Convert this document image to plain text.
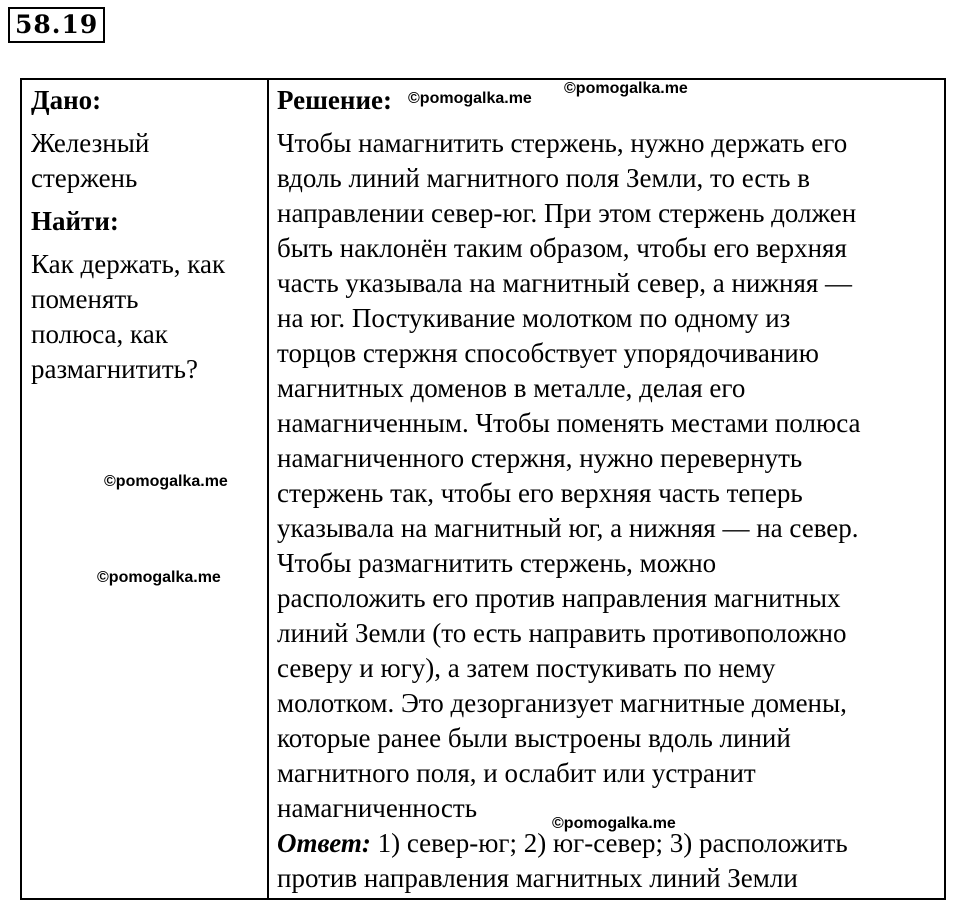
58.19
Дано:
Железный
стержень
Найти:
Как держать, как
поменять
полюса, как
размагнитить?
Решение:
Чтобы намагнитить стержень, нужно держать его
вдоль линий магнитного поля Земли, то есть в
направлении север-юг. При этом стержень должен
быть наклонён таким образом, чтобы его верхняя
часть указывала на магнитный север, а нижняя —
на юг. Постукивание молотком по одному из
торцов стержня способствует упорядочиванию
магнитных доменов в металле, делая его
намагниченным. Чтобы поменять местами полюса
намагниченного стержня, нужно перевернуть
стержень так, чтобы его верхняя часть теперь
указывала на магнитный юг, а нижняя — на север.
Чтобы размагнитить стержень, можно
расположить его против направления магнитных
линий Земли (то есть направить противоположно
северу и югу), а затем постукивать по нему
молотком. Это дезорганизует магнитные домены,
которые ранее были выстроены вдоль линий
магнитного поля, и ослабит или устранит
намагниченность
Ответ: 1) север-юг; 2) юг-север; 3) расположить
против направления магнитных линий Земли
©pomogalka.me
©pomogalka.me
©pomogalka.me
©pomogalka.me
©pomogalka.me
